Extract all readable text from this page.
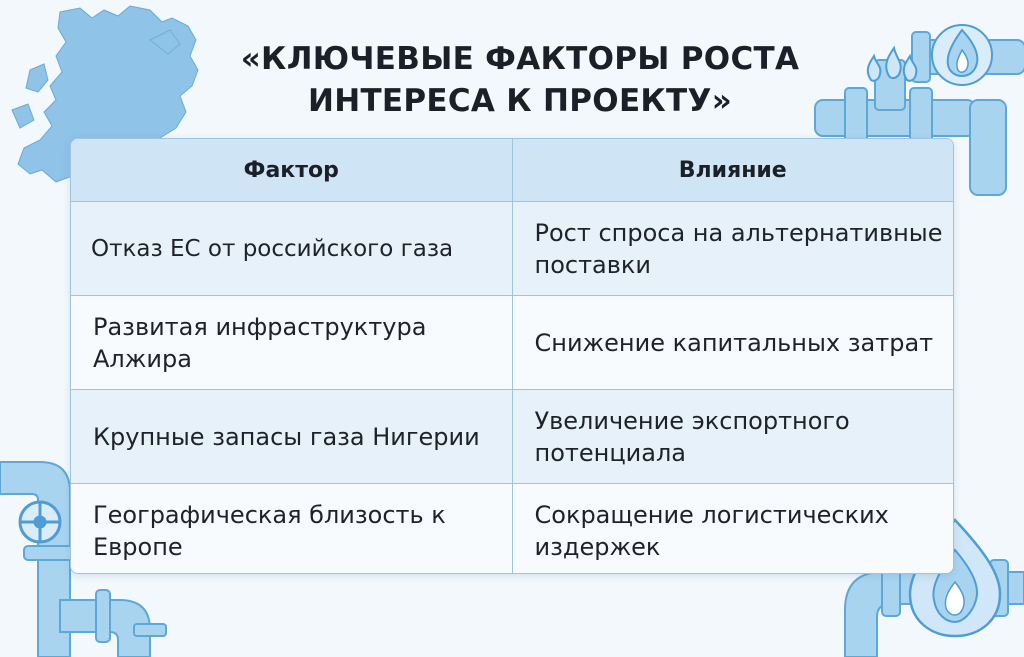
«КЛЮЧЕВЫЕ ФАКТОРЫ РОСТА
ИНТЕРЕСА К ПРОЕКТУ»
Фактор	Влияние
Отказ ЕС от российского газа	Рост спроса на альтернативные поставки
Развитая инфраструктура Алжира	Снижение капитальных затрат
Крупные запасы газа Нигерии	Увеличение экспортного потенциала
Географическая близость к Европе	Сокращение логистических издержек
